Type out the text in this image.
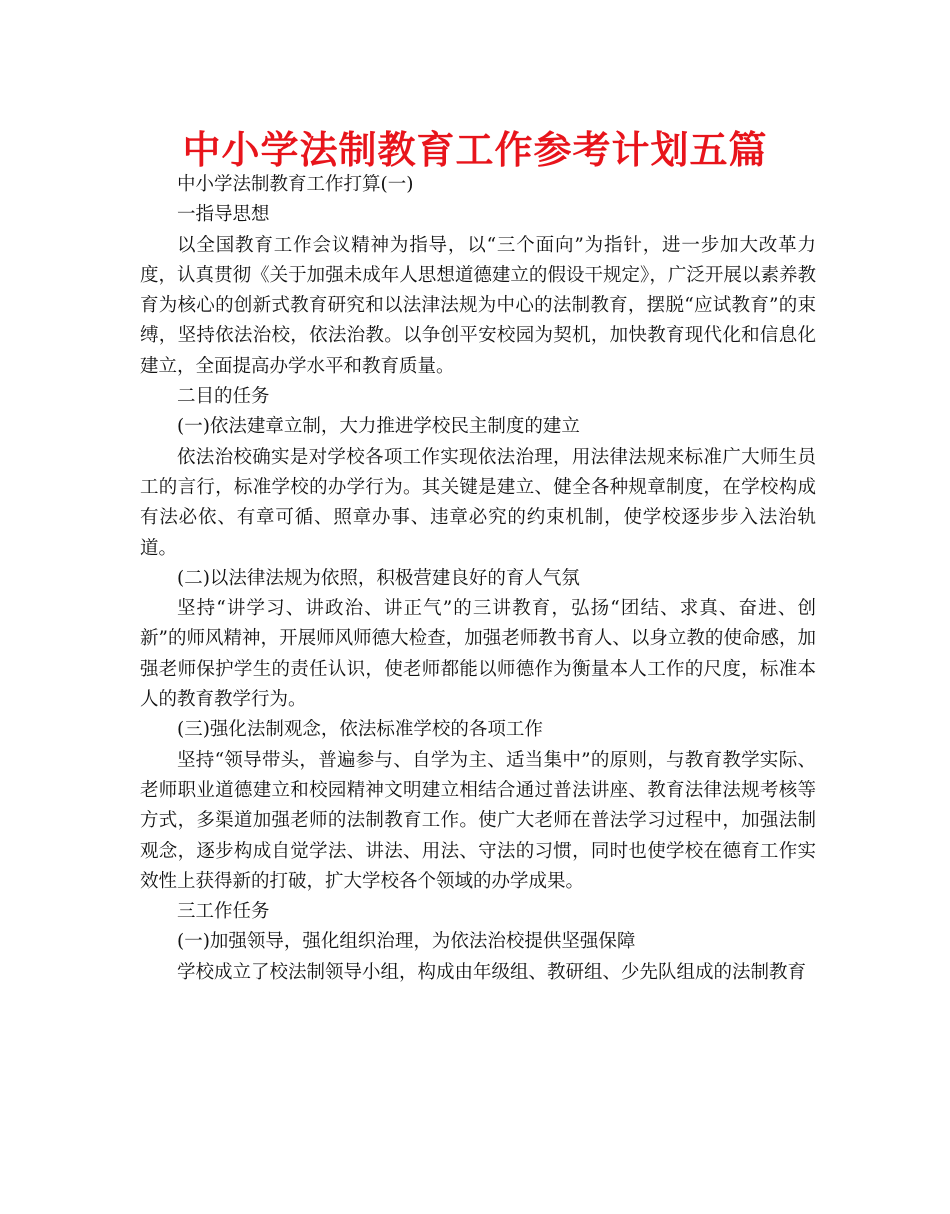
中小学法制教育工作参考计划五篇

中小学法制教育工作打算(一)

一指导思想

以全国教育工作会议精神为指导，以“三个面向”为指针，进一步加大改革力度，认真贯彻《关于加强未成年人思想道德建立的假设干规定》，广泛开展以素养教育为核心的创新式教育研究和以法津法规为中心的法制教育，摆脱“应试教育”的束缚，坚持依法治校，依法治教。以争创平安校园为契机，加快教育现代化和信息化建立，全面提高办学水平和教育质量。

二目的任务

(一)依法建章立制，大力推进学校民主制度的建立

依法治校确实是对学校各项工作实现依法治理，用法律法规来标准广大师生员工的言行，标准学校的办学行为。其关键是建立、健全各种规章制度，在学校构成有法必依、有章可循、照章办事、违章必究的约束机制，使学校逐步步入法治轨道。

(二)以法律法规为依照，积极营建良好的育人气氛

坚持“讲学习、讲政治、讲正气”的三讲教育，弘扬“团结、求真、奋进、创新”的师风精神，开展师风师德大检查，加强老师教书育人、以身立教的使命感，加强老师保护学生的责任认识，使老师都能以师德作为衡量本人工作的尺度，标准本人的教育教学行为。

(三)强化法制观念，依法标准学校的各项工作

坚持“领导带头，普遍参与、自学为主、适当集中”的原则，与教育教学实际、老师职业道德建立和校园精神文明建立相结合通过普法讲座、教育法律法规考核等方式，多渠道加强老师的法制教育工作。使广大老师在普法学习过程中，加强法制观念，逐步构成自觉学法、讲法、用法、守法的习惯，同时也使学校在德育工作实效性上获得新的打破，扩大学校各个领域的办学成果。

三工作任务

(一)加强领导，强化组织治理，为依法治校提供坚强保障

学校成立了校法制领导小组，构成由年级组、教研组、少先队组成的法制教育
